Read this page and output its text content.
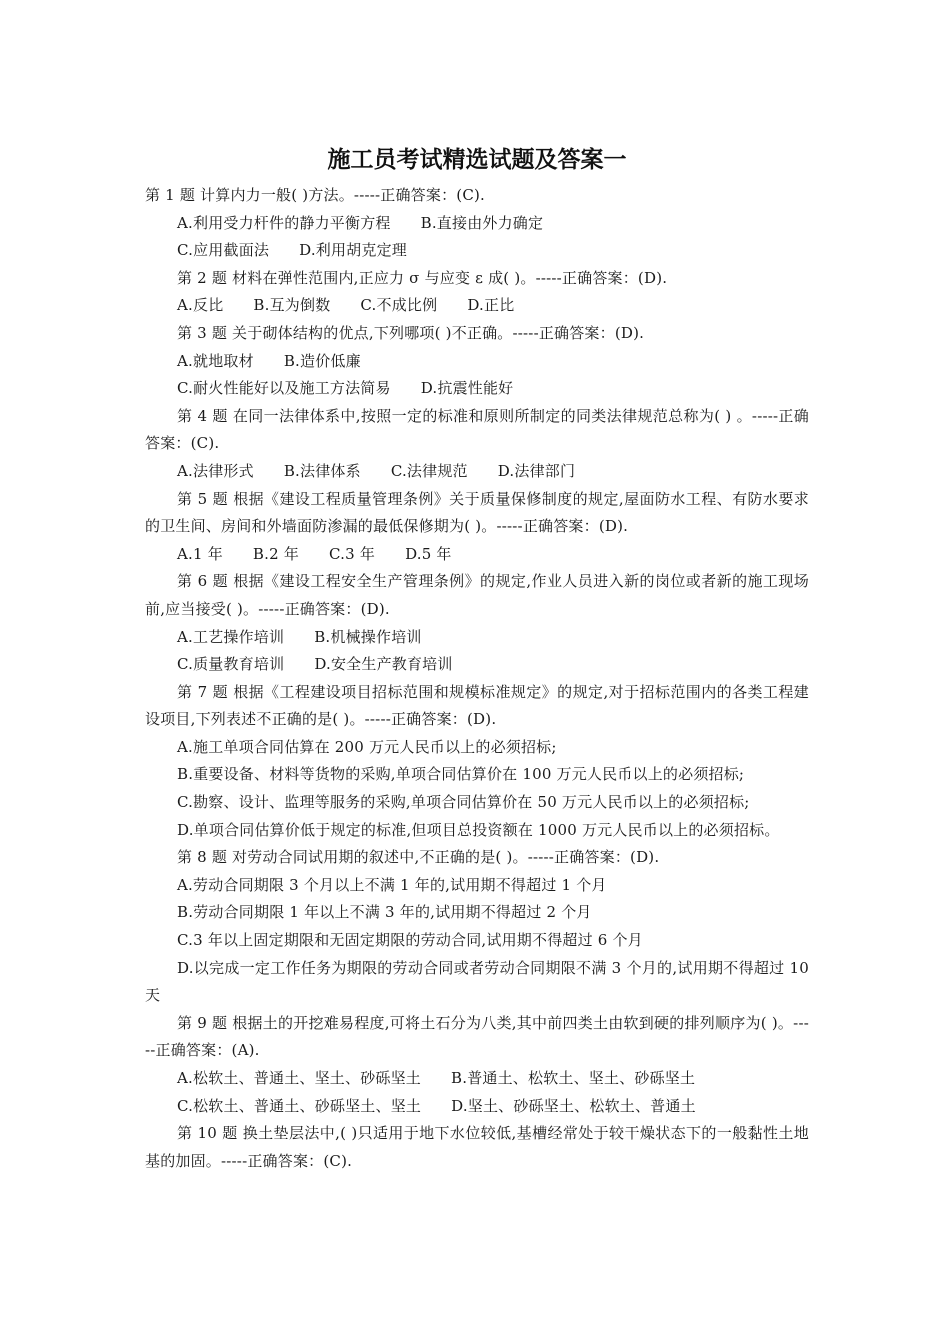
施工员考试精选试题及答案一
第 1 题 计算内力一般( )方法。-----正确答案：(C).
A.利用受力杆件的静力平衡方程 B.直接由外力确定
C.应用截面法 D.利用胡克定理
第 2 题 材料在弹性范围内,正应力 σ 与应变 ε 成( )。-----正确答案：(D).
A.反比 B.互为倒数 C.不成比例 D.正比
第 3 题 关于砌体结构的优点,下列哪项( )不正确。-----正确答案：(D).
A.就地取材 B.造价低廉
C.耐火性能好以及施工方法简易 D.抗震性能好
第 4 题 在同一法律体系中,按照一定的标准和原则所制定的同类法律规范总称为( ) 。-----正确答案：(C).
A.法律形式 B.法律体系 C.法律规范 D.法律部门
第 5 题 根据《建设工程质量管理条例》关于质量保修制度的规定,屋面防水工程、有防水要求的卫生间、房间和外墙面防渗漏的最低保修期为( )。-----正确答案：(D).
A.1 年 B.2 年 C.3 年 D.5 年
第 6 题 根据《建设工程安全生产管理条例》的规定,作业人员进入新的岗位或者新的施工现场前,应当接受( )。-----正确答案：(D).
A.工艺操作培训 B.机械操作培训
C.质量教育培训 D.安全生产教育培训
第 7 题 根据《工程建设项目招标范围和规模标准规定》的规定,对于招标范围内的各类工程建设项目,下列表述不正确的是( )。-----正确答案：(D).
A.施工单项合同估算在 200 万元人民币以上的必须招标;
B.重要设备、材料等货物的采购,单项合同估算价在 100 万元人民币以上的必须招标;
C.勘察、设计、监理等服务的采购,单项合同估算价在 50 万元人民币以上的必须招标;
D.单项合同估算价低于规定的标准,但项目总投资额在 1000 万元人民币以上的必须招标。
第 8 题 对劳动合同试用期的叙述中,不正确的是( )。-----正确答案：(D).
A.劳动合同期限 3 个月以上不满 1 年的,试用期不得超过 1 个月
B.劳动合同期限 1 年以上不满 3 年的,试用期不得超过 2 个月
C.3 年以上固定期限和无固定期限的劳动合同,试用期不得超过 6 个月
D.以完成一定工作任务为期限的劳动合同或者劳动合同期限不满 3 个月的,试用期不得超过 10 天
第 9 题 根据土的开挖难易程度,可将土石分为八类,其中前四类土由软到硬的排列顺序为( )。-----正确答案：(A).
A.松软土、普通土、坚土、砂砾坚土 B.普通土、松软土、坚土、砂砾坚土
C.松软土、普通土、砂砾坚土、坚土 D.坚土、砂砾坚土、松软土、普通土
第 10 题 换土垫层法中,( )只适用于地下水位较低,基槽经常处于较干燥状态下的一般黏性土地基的加固。-----正确答案：(C).
